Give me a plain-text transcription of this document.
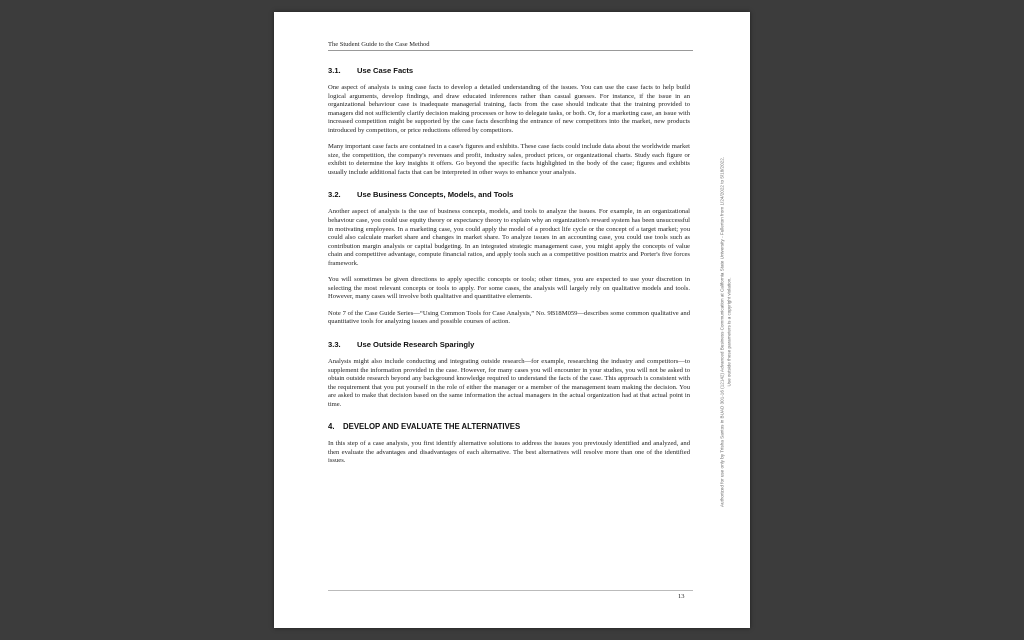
The Student Guide to the Case Method
3.1. Use Case Facts

One aspect of analysis is using case facts to develop a detailed understanding of the issues. You can use the case facts to help build logical arguments, develop findings, and draw educated inferences rather than casual guesses. For instance, if the issue in an organizational behaviour case is inadequate managerial training, facts from the case should indicate that the training provided to managers did not sufficiently clarify decision making processes or how to delegate tasks, or both. Or, for a marketing case, an issue with increased competition might be supported by the case facts describing the entrance of new competitors into the market, new products introduced by competitors, or price reductions offered by competitors.

Many important case facts are contained in a case's figures and exhibits. These case facts could include data about the worldwide market size, the competition, the company's revenues and profit, industry sales, product prices, or organizational charts. Study each figure or exhibit to determine the key insights it offers. Go beyond the specific facts highlighted in the body of the case; figures and exhibits usually include additional facts that can be interpreted in other ways to enhance your analysis.

3.2. Use Business Concepts, Models, and Tools

Another aspect of analysis is the use of business concepts, models, and tools to analyze the issues. For example, in an organizational behaviour case, you could use equity theory or expectancy theory to explain why an organization's reward system has been unsuccessful in motivating employees. In a marketing case, you could apply the model of a product life cycle or the concept of a target market; you could also calculate market share and changes in market share. To analyze issues in an accounting case, you could use tools such as contribution margin analysis or capital budgeting. In an integrated strategic management case, you might apply the concepts of value chain and competitive advantage, compute financial ratios, and apply tools such as a competitive position matrix and Porter's five forces framework.

You will sometimes be given directions to apply specific concepts or tools; other times, you are expected to use your discretion in selecting the most relevant concepts or tools to apply. For some cases, the analysis will largely rely on qualitative models and tools. However, many cases will involve both qualitative and quantitative elements.

Note 7 of the Case Guide Series—“Using Common Tools for Case Analysis,” No. 9B18M059—describes some common qualitative and quantitative tools for analyzing issues and possible courses of action.

3.3. Use Outside Research Sparingly

Analysis might also include conducting and integrating outside research—for example, researching the industry and competitors—to supplement the information provided in the case. However, for many cases you will encounter in your studies, you will not be asked to obtain outside research beyond any background knowledge required to understand the facts of the case. This approach is consistent with the requirement that you put yourself in the role of either the manager or a member of the management team making the decision. You are asked to make that decision based on the same information the actual managers in the actual organization had at that actual point in time.

4. DEVELOP AND EVALUATE THE ALTERNATIVES

In this step of a case analysis, you first identify alternative solutions to address the issues you previously identified and analyzed, and then evaluate the advantages and disadvantages of each alternative. The best alternatives will resolve more than one of the identified issues.

13
Authorized for use only by Trisha Santos in BUAD 301-16 (12142) Advanced Business Communication at California State University - Fullerton from 1/24/2022 to 5/18/2022. Use outside these parameters is a copyright violation.
